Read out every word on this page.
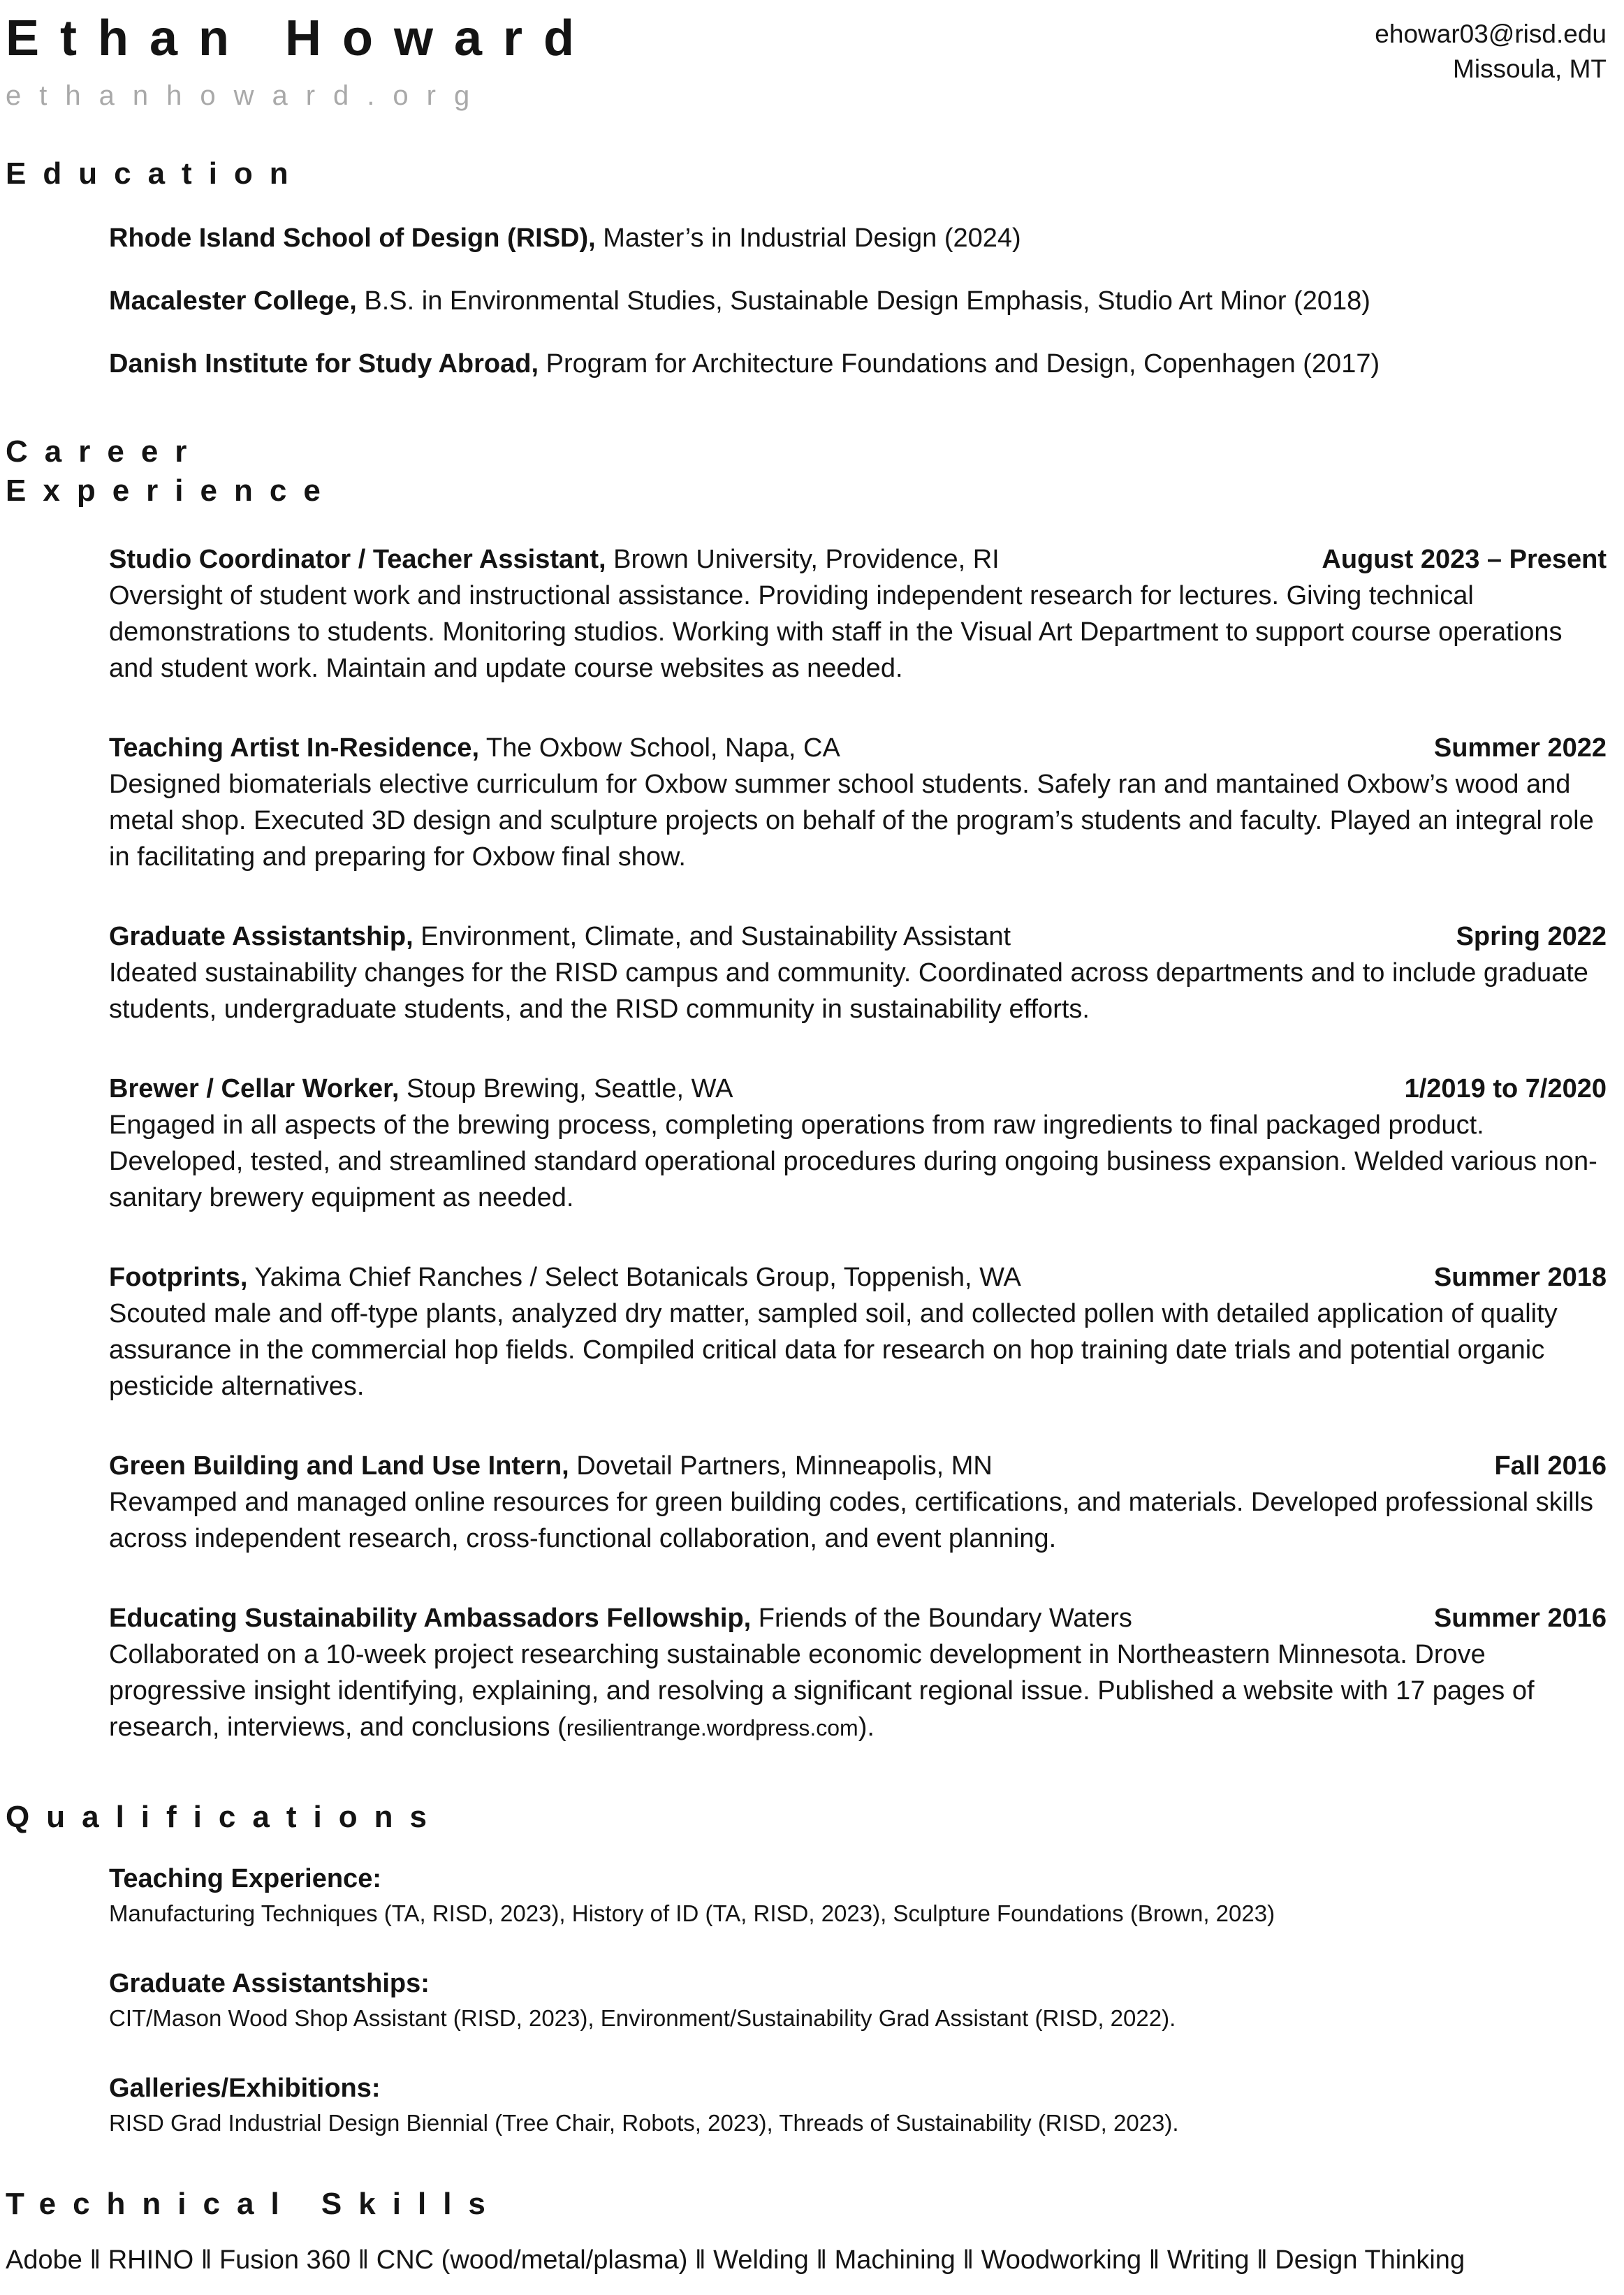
Ethan Howard
ethanhoward.org
ehowar03@risd.edu
Missoula, MT
Education

Rhode Island School of Design (RISD), Master’s in Industrial Design (2024)

Macalester College, B.S. in Environmental Studies, Sustainable Design Emphasis, Studio Art Minor (2018)

Danish Institute for Study Abroad, Program for Architecture Foundations and Design, Copenhagen (2017)

Career
Experience
Studio Coordinator / Teacher Assistant, Brown University, Providence, RI	August 2023 – Present

Oversight of student work and instructional assistance. Providing independent research for lectures. Giving technical demonstrations to students. Monitoring studios. Working with staff in the Visual Art Department to support course operations and student work. Maintain and update course websites as needed.

Teaching Artist In-Residence, The Oxbow School, Napa, CA	Summer 2022

Designed biomaterials elective curriculum for Oxbow summer school students. Safely ran and mantained Oxbow’s wood and metal shop. Executed 3D design and sculpture projects on behalf of the program’s students and faculty. Played an integral role in facilitating and preparing for Oxbow final show.

Graduate Assistantship, Environment, Climate, and Sustainability Assistant	Spring 2022

Ideated sustainability changes for the RISD campus and community. Coordinated across departments and to include graduate students, undergraduate students, and the RISD community in sustainability efforts.

Brewer / Cellar Worker, Stoup Brewing, Seattle, WA	1/2019 to 7/2020

Engaged in all aspects of the brewing process, completing operations from raw ingredients to final packaged product. Developed, tested, and streamlined standard operational procedures during ongoing business expansion. Welded various non-sanitary brewery equipment as needed.

Footprints, Yakima Chief Ranches / Select Botanicals Group, Toppenish, WA	Summer 2018

Scouted male and off-type plants, analyzed dry matter, sampled soil, and collected pollen with detailed application of quality assurance in the commercial hop fields. Compiled critical data for research on hop training date trials and potential organic pesticide alternatives.

Green Building and Land Use Intern, Dovetail Partners, Minneapolis, MN	Fall 2016

Revamped and managed online resources for green building codes, certifications, and materials. Developed professional skills across independent research, cross-functional collaboration, and event planning.

Educating Sustainability Ambassadors Fellowship, Friends of the Boundary Waters	Summer 2016

Collaborated on a 10-week project researching sustainable economic development in Northeastern Minnesota. Drove progressive insight identifying, explaining, and resolving a significant regional issue. Published a website with 17 pages of research, interviews, and conclusions (resilientrange.wordpress.com).

Qualifications
Teaching Experience:
Manufacturing Techniques (TA, RISD, 2023), History of ID (TA, RISD, 2023), Sculpture Foundations (Brown, 2023)
Graduate Assistantships:
CIT/Mason Wood Shop Assistant (RISD, 2023), Environment/Sustainability Grad Assistant (RISD, 2022).
Galleries/Exhibitions:
RISD Grad Industrial Design Biennial (Tree Chair, Robots, 2023), Threads of Sustainability (RISD, 2023).
Technical Skills

Adobe ‖ RHINO ‖ Fusion 360 ‖ CNC (wood/metal/plasma) ‖ Welding ‖ Machining ‖ Woodworking ‖ Writing ‖ Design Thinking
